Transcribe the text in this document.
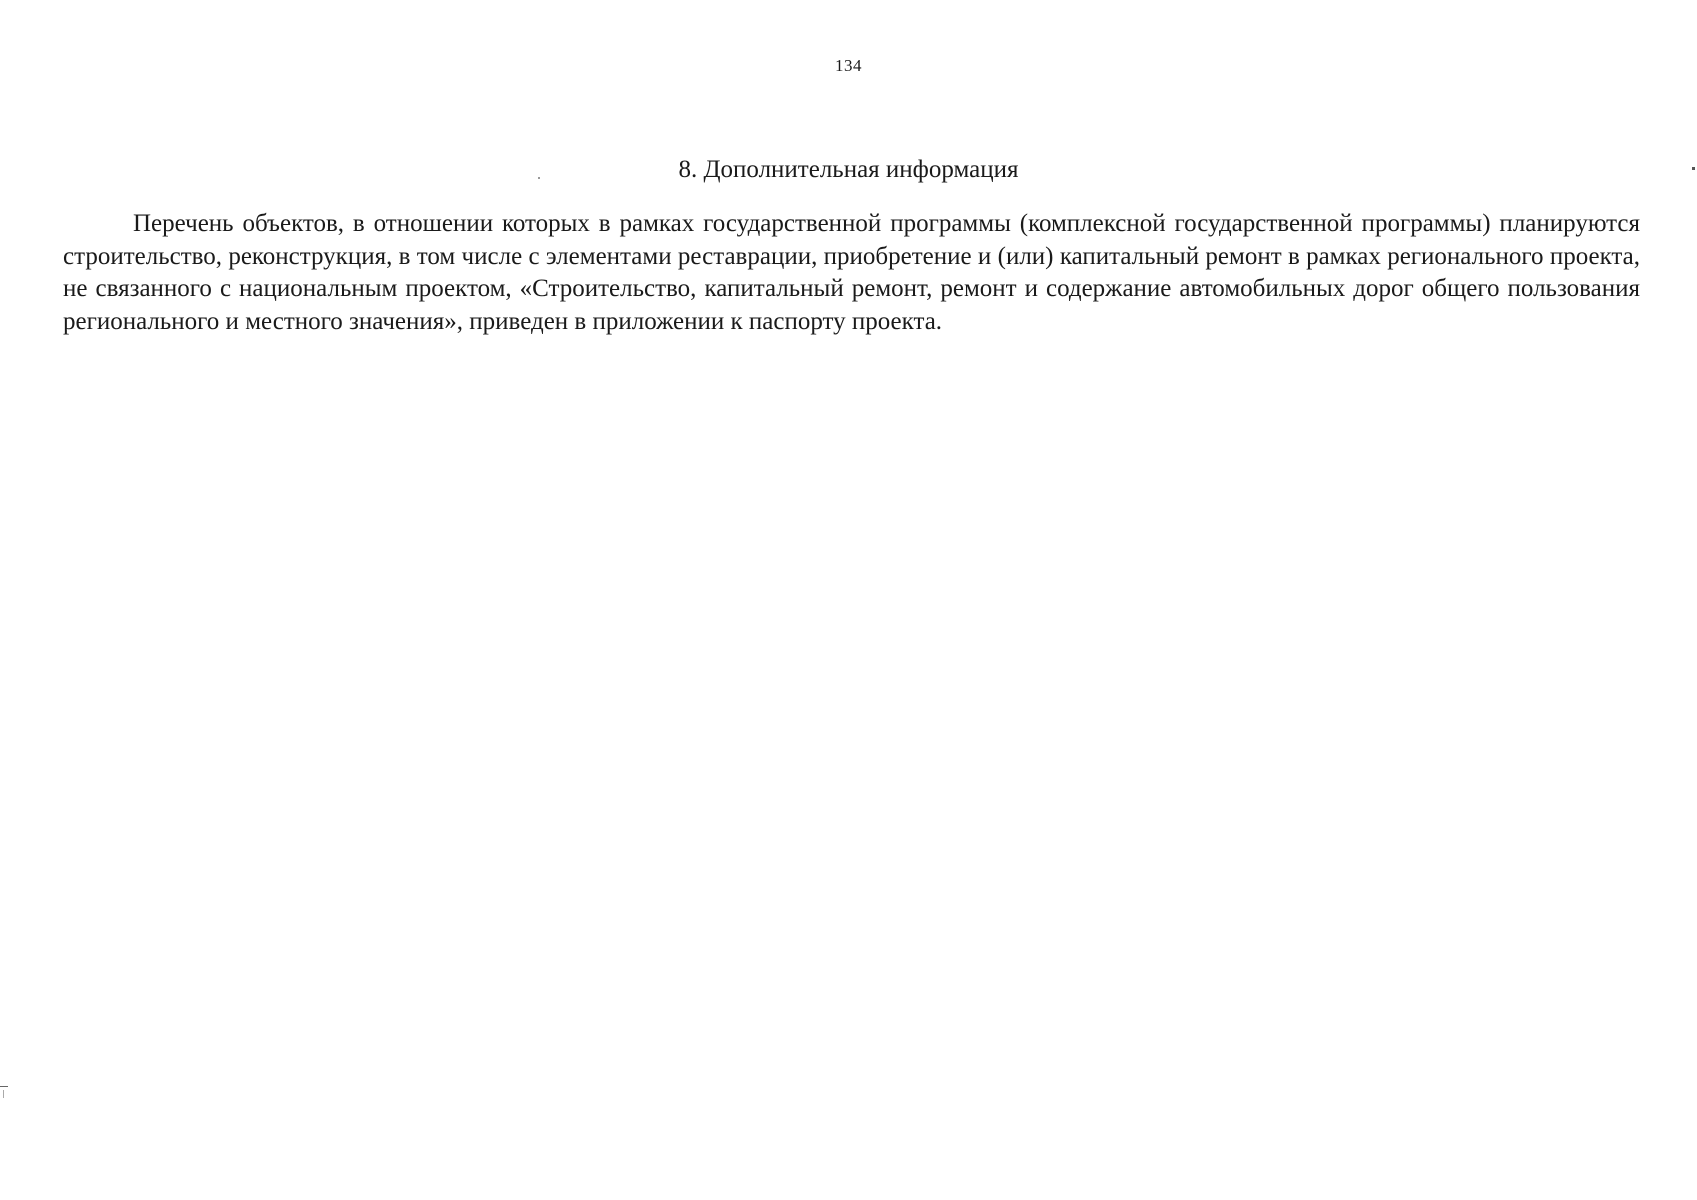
134
8. Дополнительная информация

Перечень объектов, в отношении которых в рамках государственной программы (комплексной государственной программы) планируются строительство, реконструкция, в том числе с элементами реставрации, приобретение и (или) капитальный ремонт в рамках регионального проекта, не связанного с национальным проектом, «Строительство, капитальный ремонт, ремонт и содержание автомобильных дорог общего пользования регионального и местного значения», приведен в приложении к паспорту проекта.
